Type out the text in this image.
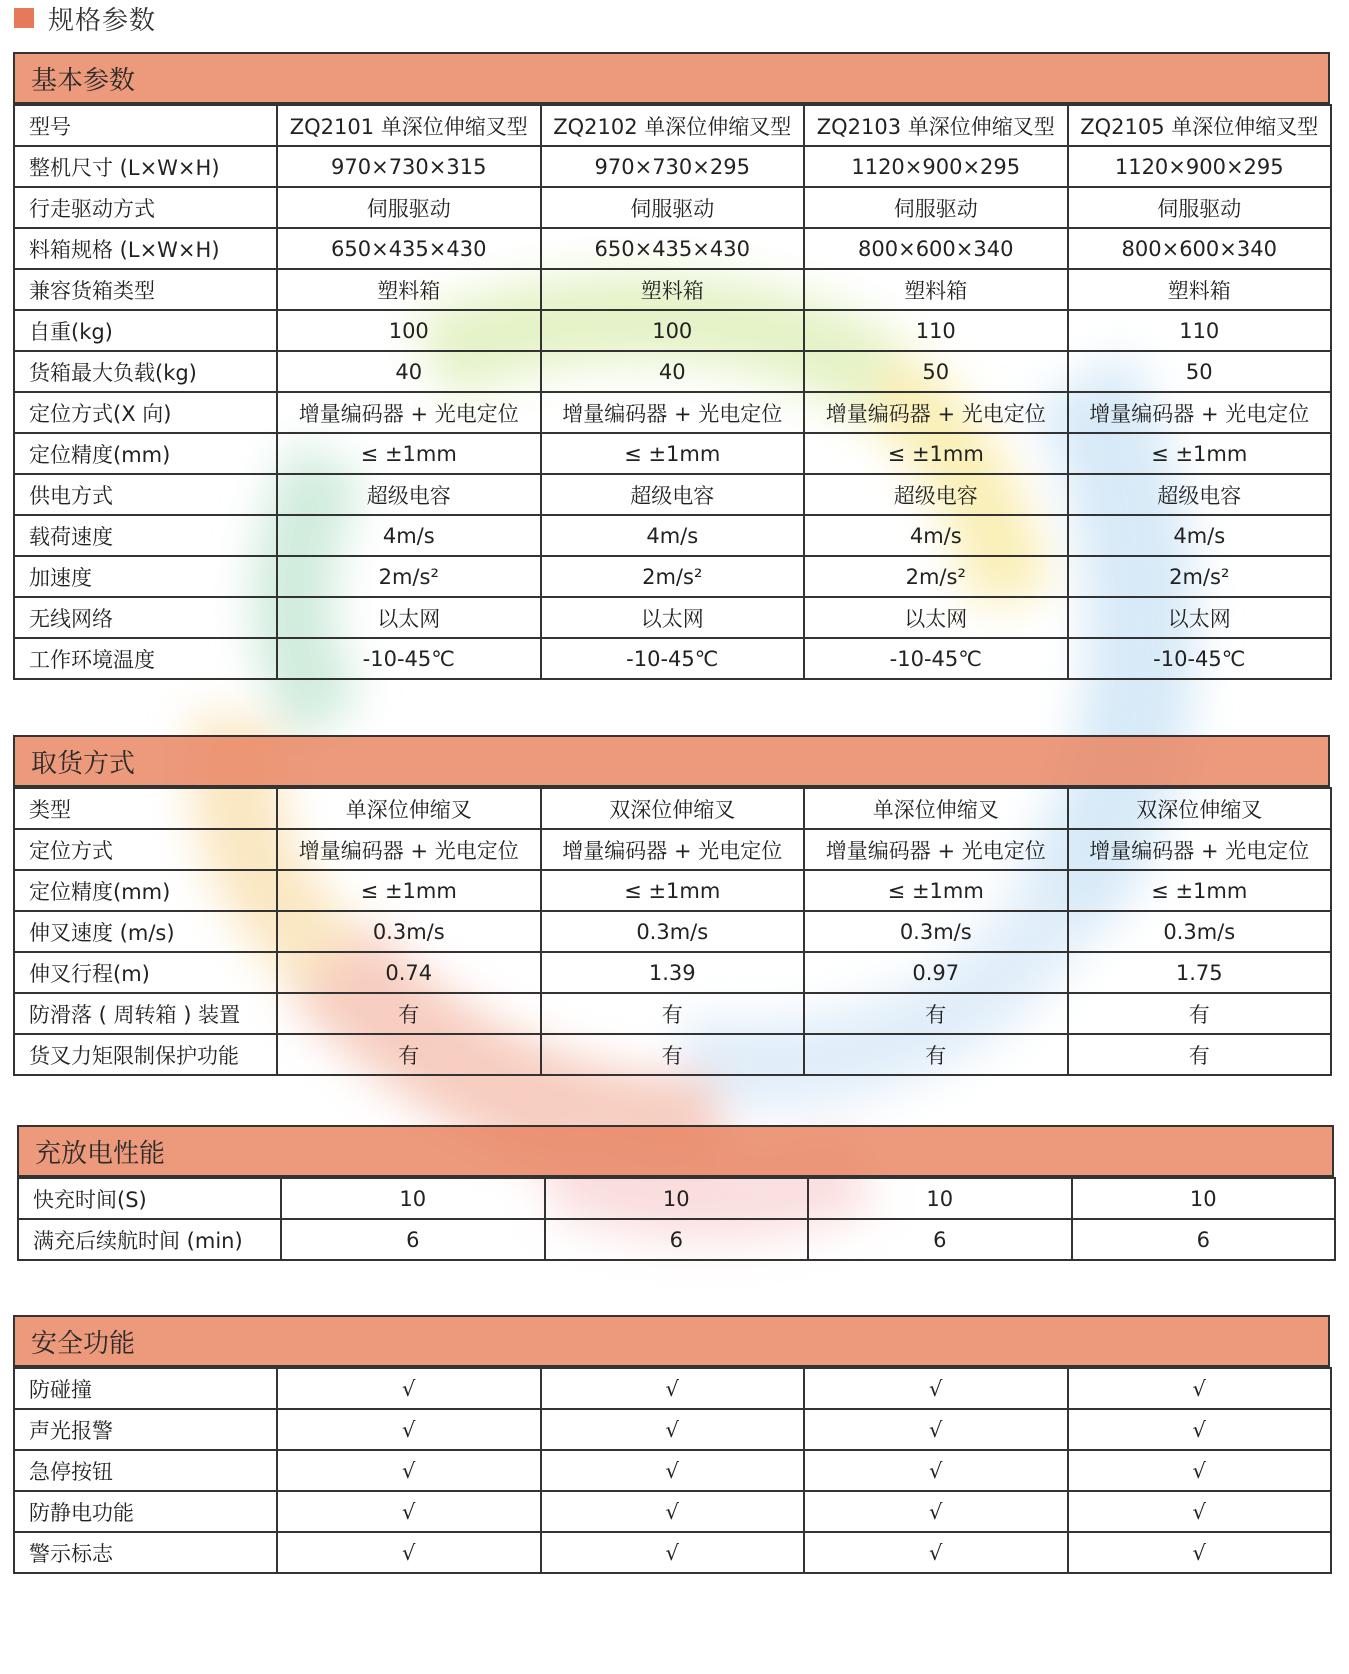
规格参数
基本参数
型号	ZQ2101 单深位伸缩叉型	ZQ2102 单深位伸缩叉型	ZQ2103 单深位伸缩叉型	ZQ2105 单深位伸缩叉型
整机尺寸 (L×W×H)	970×730×315	970×730×295	1120×900×295	1120×900×295
行走驱动方式	伺服驱动	伺服驱动	伺服驱动	伺服驱动
料箱规格 (L×W×H)	650×435×430	650×435×430	800×600×340	800×600×340
兼容货箱类型	塑料箱	塑料箱	塑料箱	塑料箱
自重(kg)	100	100	110	110
货箱最大负载(kg)	40	40	50	50
定位方式(X 向)	增量编码器 + 光电定位	增量编码器 + 光电定位	增量编码器 + 光电定位	增量编码器 + 光电定位
定位精度(mm)	≤ ±1mm	≤ ±1mm	≤ ±1mm	≤ ±1mm
供电方式	超级电容	超级电容	超级电容	超级电容
载荷速度	4m/s	4m/s	4m/s	4m/s
加速度	2m/s²	2m/s²	2m/s²	2m/s²
无线网络	以太网	以太网	以太网	以太网
工作环境温度	-10-45℃	-10-45℃	-10-45℃	-10-45℃
取货方式
类型	单深位伸缩叉	双深位伸缩叉	单深位伸缩叉	双深位伸缩叉
定位方式	增量编码器 + 光电定位	增量编码器 + 光电定位	增量编码器 + 光电定位	增量编码器 + 光电定位
定位精度(mm)	≤ ±1mm	≤ ±1mm	≤ ±1mm	≤ ±1mm
伸叉速度 (m/s)	0.3m/s	0.3m/s	0.3m/s	0.3m/s
伸叉行程(m)	0.74	1.39	0.97	1.75
防滑落 ( 周转箱 ) 装置	有	有	有	有
货叉力矩限制保护功能	有	有	有	有
充放电性能
快充时间(S)	10	10	10	10
满充后续航时间 (min)	6	6	6	6
安全功能
防碰撞	√	√	√	√
声光报警	√	√	√	√
急停按钮	√	√	√	√
防静电功能	√	√	√	√
警示标志	√	√	√	√
